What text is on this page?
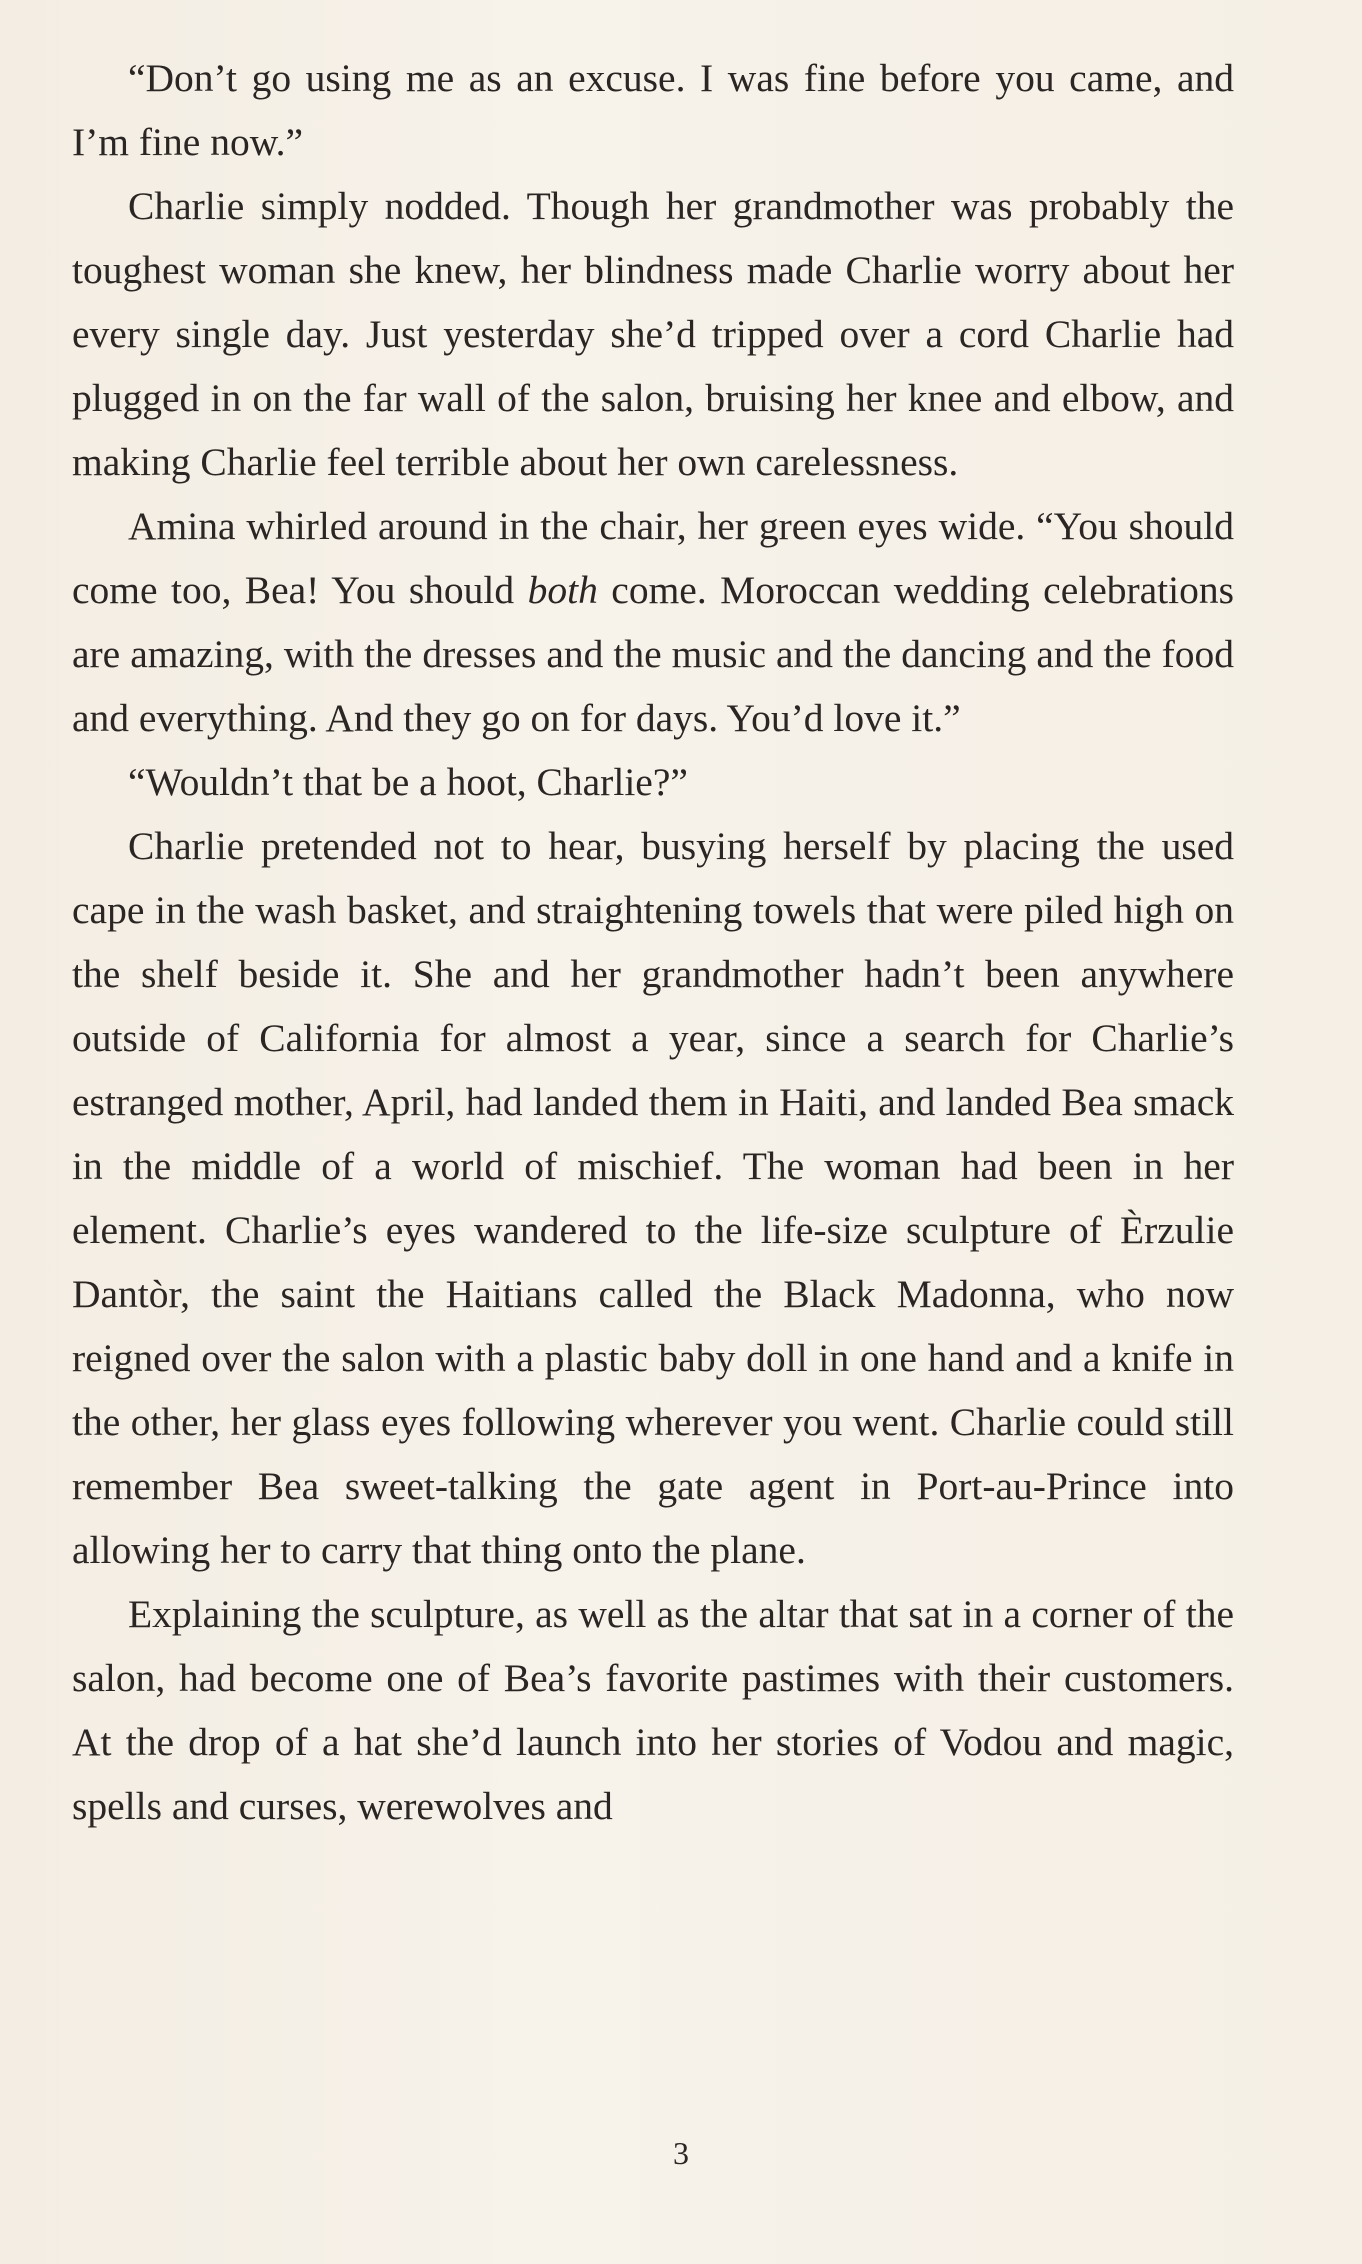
“Don’t go using me as an excuse. I was fine before you came, and I’m fine now.”

Charlie simply nodded. Though her grandmother was probably the toughest woman she knew, her blindness made Charlie worry about her every single day. Just yesterday she’d tripped over a cord Charlie had plugged in on the far wall of the salon, bruising her knee and elbow, and making Charlie feel terrible about her own carelessness.

Amina whirled around in the chair, her green eyes wide. “You should come too, Bea! You should both come. Moroccan wedding celebrations are amazing, with the dresses and the music and the dancing and the food and everything. And they go on for days. You’d love it.”

“Wouldn’t that be a hoot, Charlie?”

Charlie pretended not to hear, busying herself by placing the used cape in the wash basket, and straightening towels that were piled high on the shelf beside it. She and her grandmother hadn’t been anywhere outside of California for almost a year, since a search for Charlie’s estranged mother, April, had landed them in Haiti, and landed Bea smack in the middle of a world of mischief. The woman had been in her element. Charlie’s eyes wandered to the life-size sculpture of Èrzulie Dantòr, the saint the Haitians called the Black Madonna, who now reigned over the salon with a plastic baby doll in one hand and a knife in the other, her glass eyes following wherever you went. Charlie could still remember Bea sweet-talking the gate agent in Port-au-Prince into allowing her to carry that thing onto the plane.

Explaining the sculpture, as well as the altar that sat in a corner of the salon, had become one of Bea’s favorite pastimes with their customers. At the drop of a hat she’d launch into her stories of Vodou and magic, spells and curses, werewolves and

3
